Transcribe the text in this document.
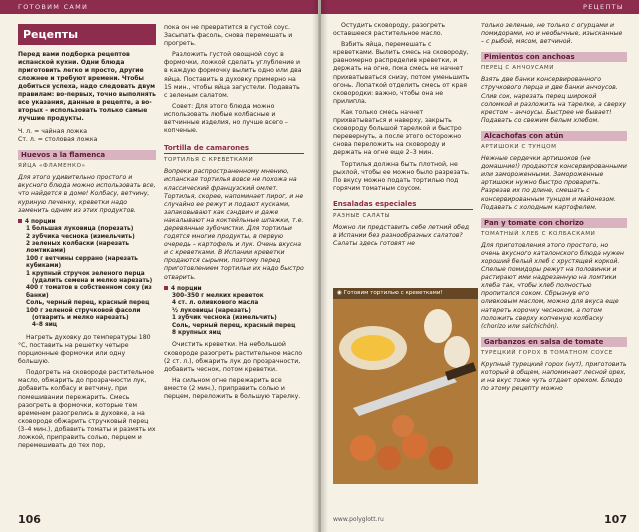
ГОТОВИМ САМИ
Рецепты

Перед вами подборка рецептов испанской кухни. Одни блюда приготовить легко и просто, другие сложнее и требуют времени. Чтобы добиться успеха, надо следовать двум правилам: во-первых, точно выполнять все указания, данные в рецепте, а во-вторых – использовать только самые лучшие продукты.

Ч. л. = чайная ложка
Ст. л. = столовая ложка
Huevos a la flamenca
ЯЙЦА «ФЛАМЕНКО»

Для этого удивительно простого и вкусного блюда можно использовать все, что найдется в доме! Колбасу, ветчину, куриную печенку, креветки надо заменить одним из этих продуктов.

4 порции
1 большая луковица (порезать)
2 зубчика чеснока (измельчить)
2 зеленых колбаски (нарезать ломтиками)
100 г ветчины серрано (нарезать кубиками)
1 крупный стручок зеленого перца
(удалить семена и мелко нарезать)
400 г томатов в собственном соку (из банки)
Соль, черный перец, красный перец
100 г зеленой стручковой фасоли
(отварить и мелко нарезать)
4–8 яиц

Нагреть духовку до температуры 180 °С, поставить на решетку четыре порционные формочки или одну большую.

Подогреть на сковороде растительное масло, обжарить до прозрачности лук, добавить колбасу и ветчину, при помешивании пережарить. Смесь разогреть в формочки, которые тем временем разогрелись в духовке, а на сковороде обжарить стручковый перец (3–4 мин.), добавить томаты и размять их ложкой, приправить солью, перцем и перемешивать до тех пор,

пока он не превратится в густой соус. Засыпать фасоль, снова перемешать и прогреть.

Разложить густой овощной соус в формочки, ложкой сделать углубление и в каждую формочку вылить одно или два яйца. Поставить в духовку примерно на 15 мин., чтобы яйца загустели. Подавать с зеленым салатом.

Совет: Для этого блюда можно использовать любые колбасные и ветчинные изделия, но лучше всего – копченые.

Tortilla de camarones
ТОРТИЛЬЯ С КРЕВЕТКАМИ

Вопреки распространенному мнению, испанская тортилья вовсе не похожа на классический французский омлет. Тортилья, скорее, напоминает пирог, и не случайно ее режут и подают кусками, запаковывают как сэндвич и даже накалывают на коктейльные шпажки, т.е. деревянные зубочистки. Для тортильи годятся многие продукты, в первую очередь – картофель и лук. Очень вкусна и с креветками. В Испании креветки продаются сырыми, поэтому перед приготовлением тортильи их надо быстро отварить.

4 порции
300–350 г мелких креветок
4 ст. л. оливкового масла
½ луковицы (нарезать)
1 зубчик чеснока (измельчить)
Соль, черный перец, красный перец
8 крупных яиц

Очистить креветки. На небольшой сковороде разогреть растительное масло (2 ст. л.), обжарить лук до прозрачности, добавить чеснок, потом креветки.

На сильном огне пережарить все вместе (2 мин.), приправить солью и перцем, переложить в большую тарелку.

106
РЕЦЕПТЫ

Остудить сковороду, разогреть оставшееся растительное масло.

Взбить яйца, перемешать с креветками. Вылить смесь на сковороду, равномерно распределив креветки, и держать на огне, пока смесь не начнет прихватываться снизу, потом уменьшить огонь. Лопаткой отделить смесь от края сковородки: важно, чтобы она не прилипла.

Как только смесь начнет прихватываться и наверху, закрыть сковороду большой тарелкой и быстро перевернуть, а после этого осторожно снова переложить на сковороду и держать на огне еще 2–3 мин.

Тортилья должна быть плотной, не рыхлой, чтобы ее можно было разрезать. По вкусу можно подать тортилью под горячим томатным соусом.

Ensaladas especiales
РАЗНЫЕ САЛАТЫ

Можно ли представить себе летний обед в Испании без разнообразных салатов? Салаты здесь готовят не

◉ Готовим тортилью с креветками!

только зеленые, не только с огурцами и помидорами, но и необычные, изысканные – с рыбой, мясом, ветчиной.

Pimientos con anchoas
ПЕРЕЦ С АНЧОУСАМИ

Взять две банки консервированного стручкового перца и две банки анчоусов. Слив сок, нарезать перец широкой соломкой и разложить на тарелке, а сверху крестом – анчоусы. Быстрее не бывает! Подавать со свежим белым хлебом.

Alcachofas con atún
АРТИШОКИ С ТУНЦОМ

Нежные сердечки артишоков (не домашние!) продаются консервированными или замороженными. Замороженные артишоки нужно быстро проварить. Разрезав их по длине, смешать с консервированным тунцом и майонезом. Подавать с холодным картофелем.

Pan y tomate con chorizo
ТОМАТНЫЙ ХЛЕБ С КОЛБАСКАМИ

Для приготовления этого простого, но очень вкусного каталонского блюда нужен хороший белый хлеб с хрустящей коркой. Спелые помидоры режут на половинки и растирают ими надрезанную на ломтики хлеба так, чтобы хлеб полностью пропитался соком. Сбрызнув его оливковым маслом, можно для вкуса еще натереть корочку чесноком, а потом положить сверху копченую колбаску (chorizo или salchichón).

Garbanzos en salsa de tomate
ТУРЕЦКИЙ ГОРОХ В ТОМАТНОМ СОУСЕ

Крупный турецкий горох (нут), приготовить который в общем, напоминает лесной орех, и на вкус тоже чуть отдает орехом. Блюдо по этому рецепту можно

www.polyglott.ru	107
